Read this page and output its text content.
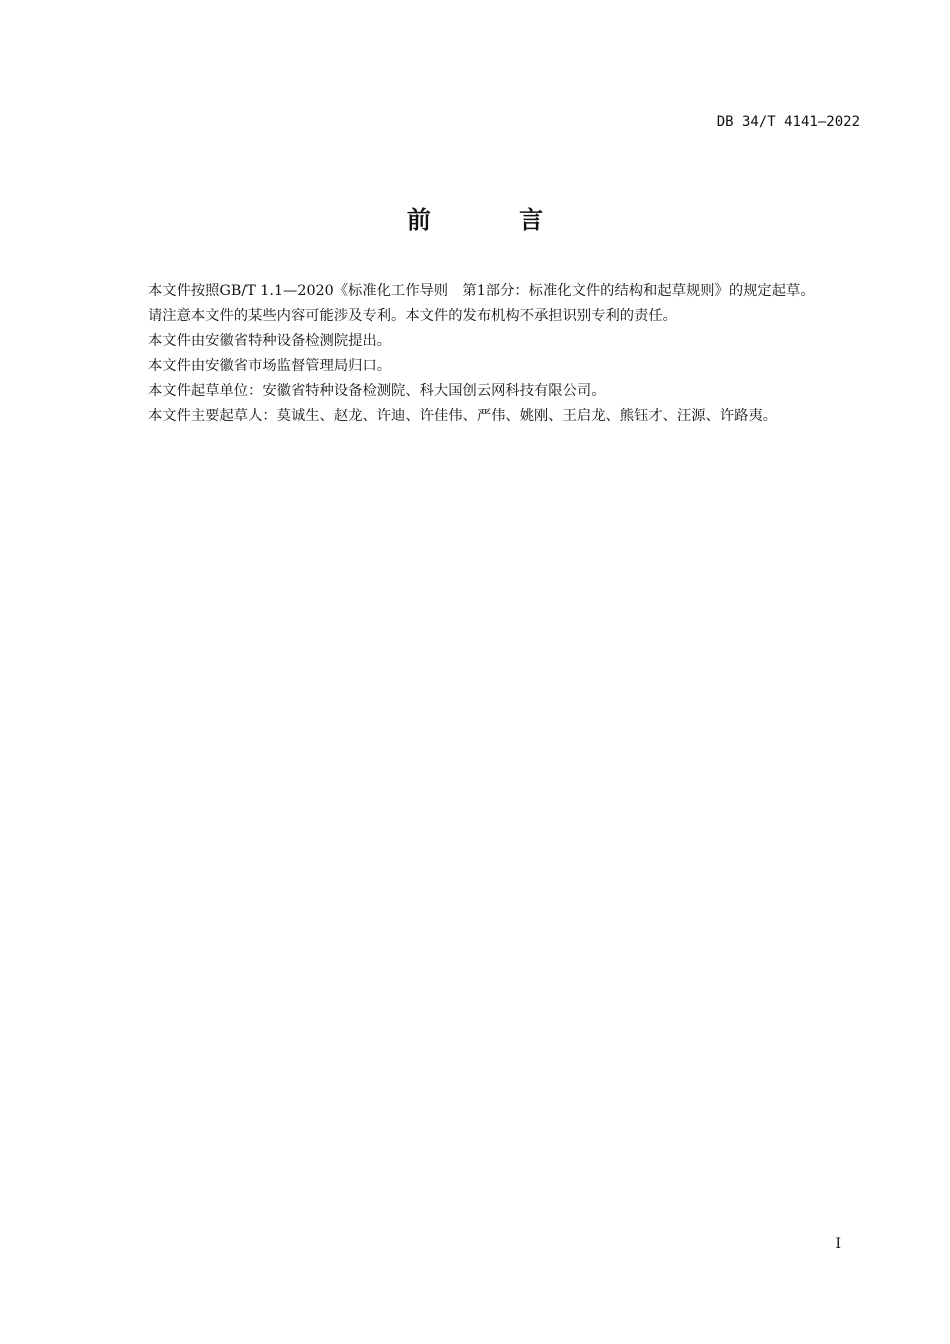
DB 34/T 4141—2022
前 言

本文件按照GB/T 1.1—2020《标准化工作导则　第1部分：标准化文件的结构和起草规则》的规定起草。

请注意本文件的某些内容可能涉及专利。本文件的发布机构不承担识别专利的责任。

本文件由安徽省特种设备检测院提出。

本文件由安徽省市场监督管理局归口。

本文件起草单位：安徽省特种设备检测院、科大国创云网科技有限公司。

本文件主要起草人：莫诚生、赵龙、许迪、许佳伟、严伟、姚刚、王启龙、熊钰才、汪源、许路夷。

I
